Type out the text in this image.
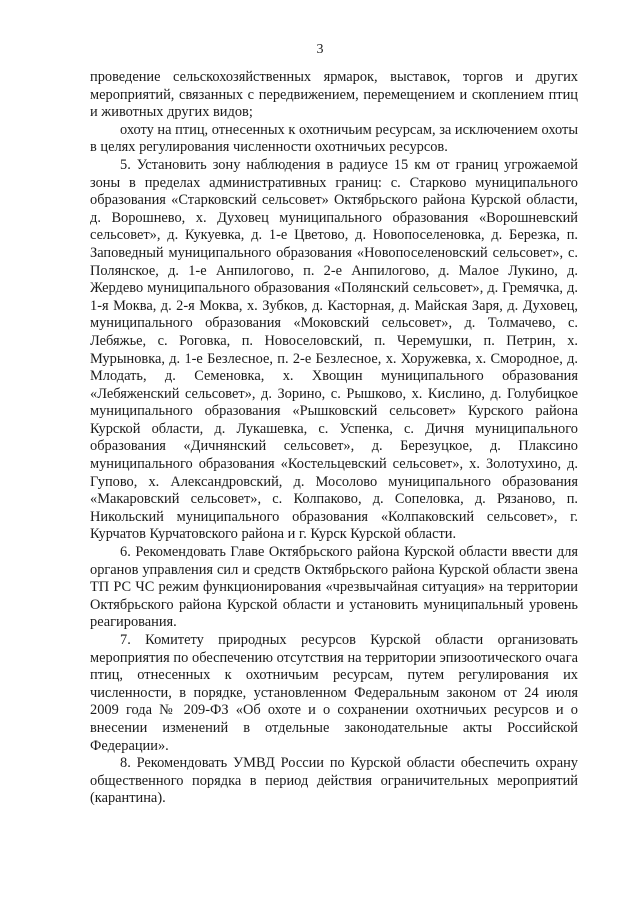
3

проведение сельскохозяйственных ярмарок, выставок, торгов и других мероприятий, связанных с передвижением, перемещением и скоплением птиц и животных других видов;

охоту на птиц, отнесенных к охотничьим ресурсам, за исключением охоты в целях регулирования численности охотничьих ресурсов.

5. Установить зону наблюдения в радиусе 15 км от границ угрожаемой зоны в пределах административных границ: с. Старково муниципального образования «Старковский сельсовет» Октябрьского района Курской области, д. Ворошнево, х. Духовец муниципального образования «Ворошневский сельсовет», д. Кукуевка, д. 1-е Цветово, д. Новопоселеновка, д. Березка, п. Заповедный муниципального образования «Новопоселеновский сельсовет», с. Полянское, д. 1-е Анпилогово, п. 2-е Анпилогово, д. Малое Лукино, д. Жердево муниципального образования «Полянский сельсовет», д. Гремячка, д. 1-я Моква, д. 2-я Моква, х. Зубков, д. Касторная, д. Майская Заря, д. Духовец, муниципального образования «Моковский сельсовет», д. Толмачево, с. Лебяжье, с. Роговка, п. Новоселовский, п. Черемушки, п. Петрин, х. Мурыновка, д. 1-е Безлесное, п. 2-е Безлесное, х. Хоружевка, х. Смородное, д. Млодать, д. Семеновка, х. Хвощин муниципального образования «Лебяженский сельсовет», д. Зорино, с. Рышково, х. Кислино, д. Голубицкое муниципального образования «Рышковский сельсовет» Курского района Курской области, д. Лукашевка, с. Успенка, с. Дичня муниципального образования «Дичнянский сельсовет», д. Березуцкое, д. Плаксино муниципального образования «Костельцевский сельсовет», х. Золотухино, д. Гупово, х. Александровский, д. Мосолово муниципального образования «Макаровский сельсовет», с. Колпаково, д. Сопеловка, д. Рязаново, п. Никольский муниципального образования «Колпаковский сельсовет», г. Курчатов Курчатовского района и г. Курск Курской области.

6. Рекомендовать Главе Октябрьского района Курской области ввести для органов управления сил и средств Октябрьского района Курской области звена ТП РС ЧС режим функционирования «чрезвычайная ситуация» на территории Октябрьского района Курской области и установить муниципальный уровень реагирования.

7. Комитету природных ресурсов Курской области организовать мероприятия по обеспечению отсутствия на территории эпизоотического очага птиц, отнесенных к охотничьим ресурсам, путем регулирования их численности, в порядке, установленном Федеральным законом от 24 июля 2009 года № 209-ФЗ «Об охоте и о сохранении охотничьих ресурсов и о внесении изменений в отдельные законодательные акты Российской Федерации».

8. Рекомендовать УМВД России по Курской области обеспечить охрану общественного порядка в период действия ограничительных мероприятий (карантина).
